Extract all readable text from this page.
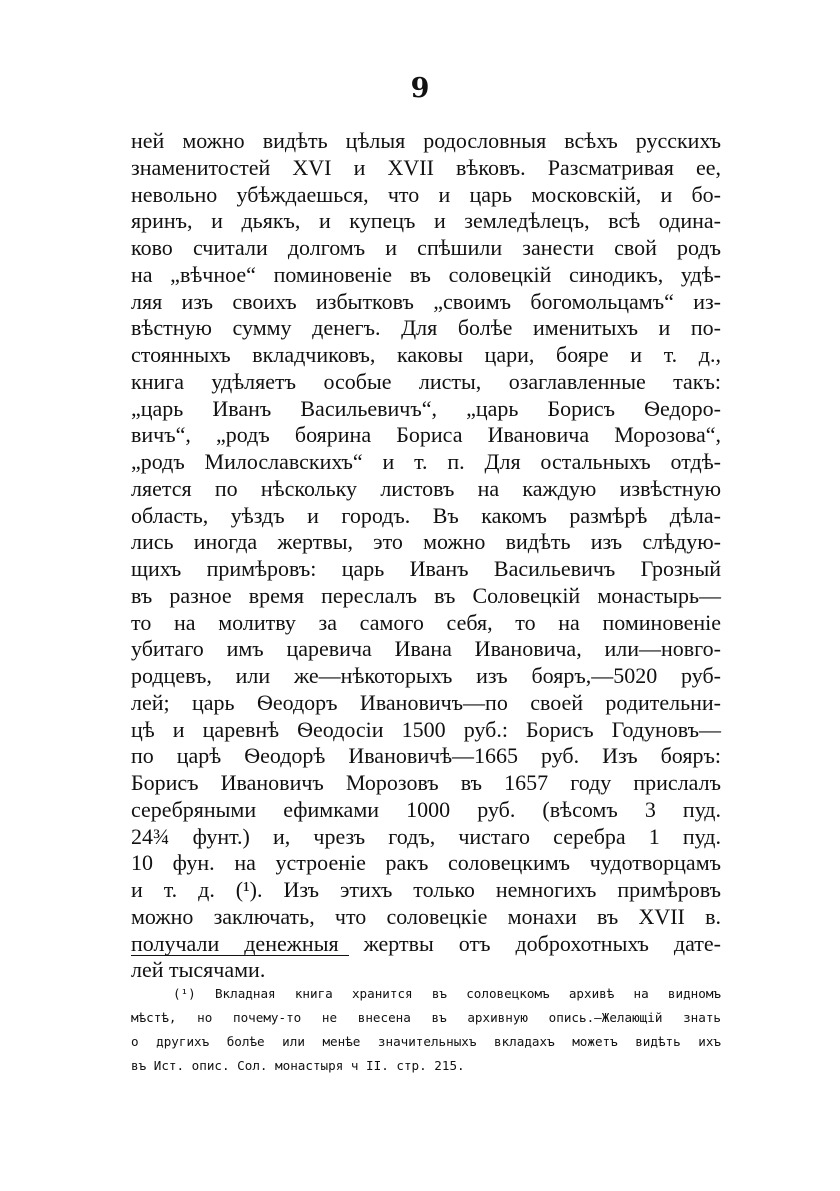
9
ней можно видѣть цѣлыя родословныя всѣхъ русскихъ
знаменитостей XVI и XVII вѣковъ. Разсматривая ее,
невольно убѣждаешься, что и царь московскій, и бо-
яринъ, и дьякъ, и купецъ и земледѣлецъ, всѣ одина-
ково считали долгомъ и спѣшили занести свой родъ
на „вѣчное“ поминовеніе въ соловецкій синодикъ, удѣ-
ляя изъ своихъ избытковъ „своимъ богомольцамъ“ из-
вѣстную сумму денегъ. Для болѣе именитыхъ и по-
стоянныхъ вкладчиковъ, каковы цари, бояре и т. д.,
книга удѣляетъ особые листы, озаглавленные такъ:
„царь Иванъ Васильевичъ“, „царь Борисъ Ѳедоро-
вичъ“, „родъ боярина Бориса Ивановича Морозова“,
„родъ Милославскихъ“ и т. п. Для остальныхъ отдѣ-
ляется по нѣскольку листовъ на каждую извѣстную
область, уѣздъ и городъ. Въ какомъ размѣрѣ дѣла-
лись иногда жертвы, это можно видѣть изъ слѣдую-
щихъ примѣровъ: царь Иванъ Васильевичъ Грозный
въ разное время переслалъ въ Соловецкій монастырь—
то на молитву за самого себя, то на поминовеніе
убитаго имъ царевича Ивана Ивановича, или—новго-
родцевъ, или же—нѣкоторыхъ изъ бояръ,—5020 руб-
лей; царь Ѳеодоръ Ивановичъ—по своей родительни-
цѣ и царевнѣ Ѳеодосіи 1500 руб.: Борисъ Годуновъ—
по царѣ Ѳеодорѣ Ивановичѣ—1665 руб. Изъ бояръ:
Борисъ Ивановичъ Морозовъ въ 1657 году прислалъ
серебряными ефимками 1000 руб. (вѣсомъ 3 пуд.
24¾ фунт.) и, чрезъ годъ, чистаго серебра 1 пуд.
10 фун. на устроеніе ракъ соловецкимъ чудотворцамъ
и т. д. (¹). Изъ этихъ только немногихъ примѣровъ
можно заключать, что соловецкіе монахи въ XVII в.
получали денежныя жертвы отъ доброхотныхъ дате-
лей тысячами.
(¹) Вкладная книга хранится въ соловецкомъ архивѣ на видномъ
мѣстѣ, но почему-то не внесена въ архивную опись.—Желающій знать
о другихъ болѣе или менѣе значительныхъ вкладахъ можетъ видѣть ихъ
въ Ист. опис. Сол. монастыря ч II. стр. 215.
